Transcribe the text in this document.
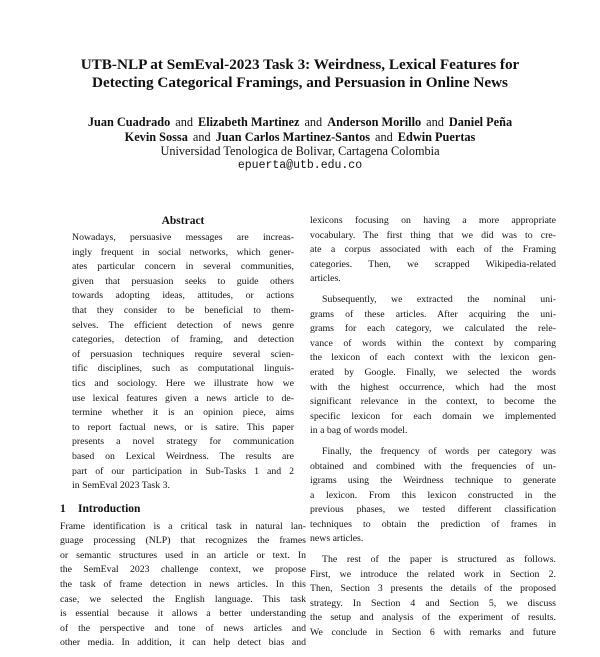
UTB-NLP at SemEval-2023 Task 3: Weirdness, Lexical Features for
Detecting Categorical Framings, and Persuasion in Online News
Juan Cuadrado and Elizabeth Martinez and Anderson Morillo and Daniel Peña
Kevin Sossa and Juan Carlos Martinez-Santos and Edwin Puertas
Universidad Tenologica de Bolivar, Cartagena Colombia
epuerta@utb.edu.co
Abstract
Nowadays, persuasive messages are increas-
ingly frequent in social networks, which gener-
ates particular concern in several communities,
given that persuasion seeks to guide others
towards adopting ideas, attitudes, or actions
that they consider to be beneficial to them-
selves. The efficient detection of news genre
categories, detection of framing, and detection
of persuasion techniques require several scien-
tific disciplines, such as computational linguis-
tics and sociology. Here we illustrate how we
use lexical features given a news article to de-
termine whether it is an opinion piece, aims
to report factual news, or is satire. This paper
presents a novel strategy for communication
based on Lexical Weirdness. The results are
part of our participation in Sub-Tasks 1 and 2
in SemEval 2023 Task 3.
1 Introduction
Frame identification is a critical task in natural lan-
guage processing (NLP) that recognizes the frames
or semantic structures used in an article or text. In
the SemEval 2023 challenge context, we propose
the task of frame detection in news articles. In this
case, we selected the English language. This task
is essential because it allows a better understanding
of the perspective and tone of news articles and
other media. In addition, it can help detect bias and
lexicons focusing on having a more appropriate
vocabulary. The first thing that we did was to cre-
ate a corpus associated with each of the Framing
categories. Then, we scrapped Wikipedia-related
articles.
Subsequently, we extracted the nominal uni-
grams of these articles. After acquiring the uni-
grams for each category, we calculated the rele-
vance of words within the context by comparing
the lexicon of each context with the lexicon gen-
erated by Google. Finally, we selected the words
with the highest occurrence, which had the most
significant relevance in the context, to become the
specific lexicon for each domain we implemented
in a bag of words model.
Finally, the frequency of words per category was
obtained and combined with the frequencies of un-
igrams using the Weirdness technique to generate
a lexicon. From this lexicon constructed in the
previous phases, we tested different classification
techniques to obtain the prediction of frames in
news articles.
The rest of the paper is structured as follows.
First, we introduce the related work in Section 2.
Then, Section 3 presents the details of the proposed
strategy. In Section 4 and Section 5, we discuss
the setup and analysis of the experiment of results.
We conclude in Section 6 with remarks and future
